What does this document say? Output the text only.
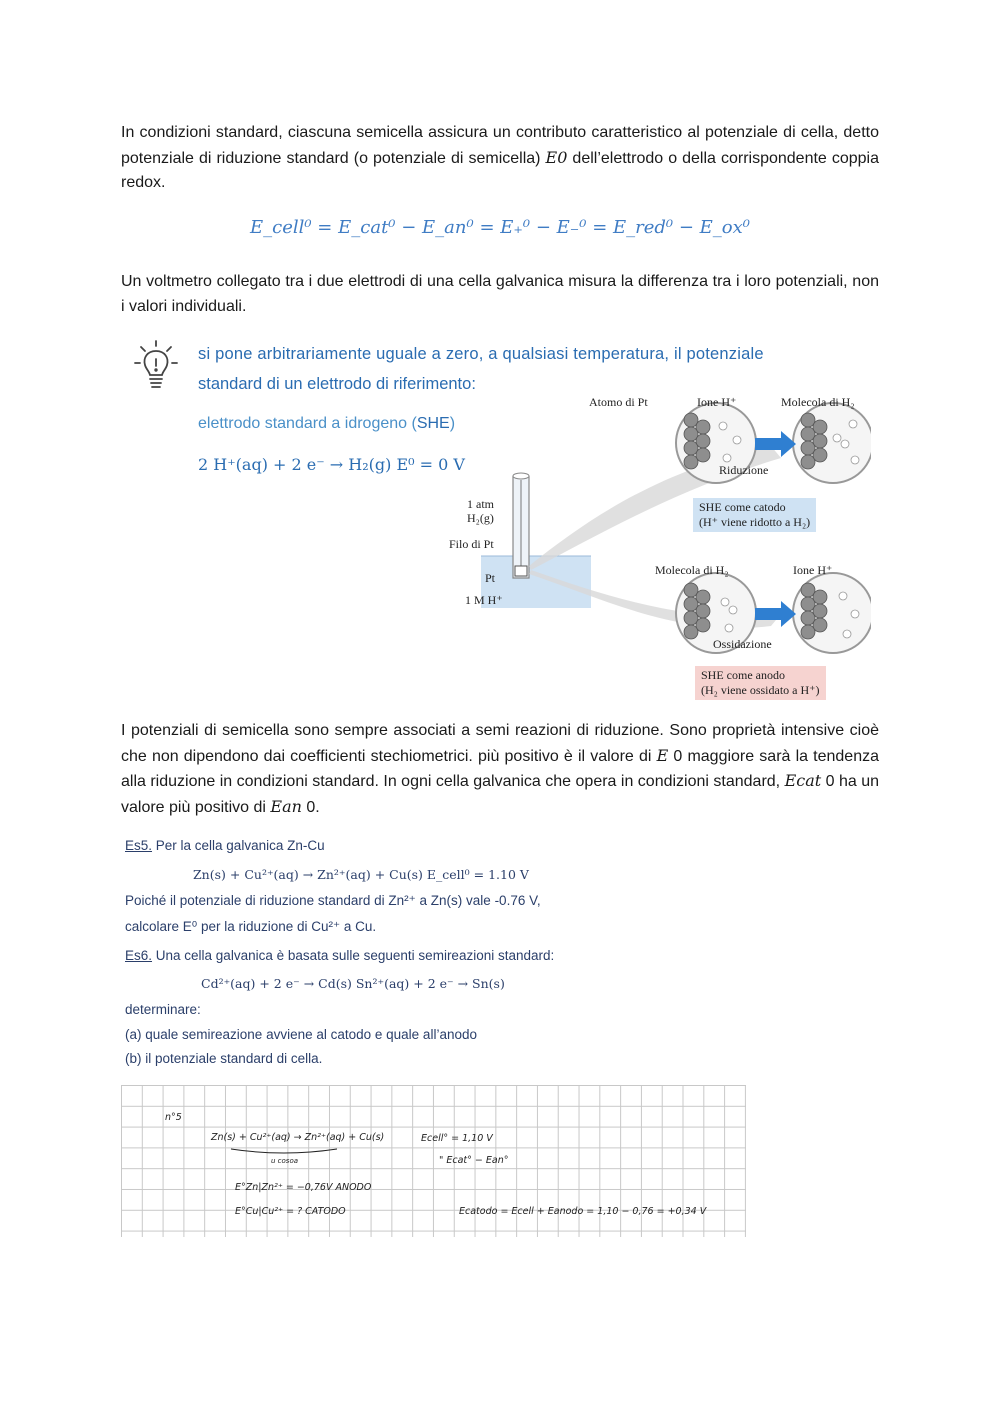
In condizioni standard, ciascuna semicella assicura un contributo caratteristico al potenziale di cella, detto potenziale di riduzione standard (o potenziale di semicella) E0 dell’elettrodo o della corrispondente coppia redox.
E_cell⁰ = E_cat⁰ − E_an⁰ = E₊⁰ − E₋⁰ = E_red⁰ − E_ox⁰
Un voltmetro collegato tra i due elettrodi di una cella galvanica misura la differenza tra i loro potenziali, non i valori individuali.
si pone arbitrariamente uguale a zero, a qualsiasi temperatura, il potenziale
standard di un elettrodo di riferimento:
elettrodo standard a idrogeno (SHE)
2 H⁺(aq) + 2 e⁻ → H₂(g) E⁰ = 0 V
Atomo di Pt	Ione H⁺	Molecola di H₂
Riduzione
SHE come catodo
(H⁺ viene ridotto a H₂)
1 atm
H₂(g)
Filo di Pt
Pt
1 M H⁺
Molecola di H₂	Ione H⁺
Ossidazione
SHE come anodo
(H₂ viene ossidato a H⁺)
I potenziali di semicella sono sempre associati a semi reazioni di riduzione. Sono proprietà intensive cioè che non dipendono dai coefficienti stechiometrici. più positivo è il valore di E 0 maggiore sarà la tendenza alla riduzione in condizioni standard. In ogni cella galvanica che opera in condizioni standard, Ecat 0 ha un valore più positivo di Ean 0.
Es5. Per la cella galvanica Zn-Cu
Zn(s) + Cu²⁺(aq) → Zn²⁺(aq) + Cu(s) E_cell⁰ = 1.10 V
Poiché il potenziale di riduzione standard di Zn²⁺ a Zn(s) vale -0.76 V,
calcolare E⁰ per la riduzione di Cu²⁺ a Cu.
Es6. Una cella galvanica è basata sulle seguenti semireazioni standard:
Cd²⁺(aq) + 2 e⁻ → Cd(s) Sn²⁺(aq) + 2 e⁻ → Sn(s)
determinare:
(a) quale semireazione avviene al catodo e quale all’anodo
(b) il potenziale standard di cella.
n°5
Zn(s) + Cu²⁺(aq) → Zn²⁺(aq) + Cu(s)
u cosoa
Ecell° = 1,10 V
" Ecat° − Ean°
E°Zn|Zn²⁺ = −0,76V ANODO
E°Cu|Cu²⁺ = ? CATODO	Ecatodo = Ecell + Eanodo = 1,10 − 0,76 = +0,34 V
